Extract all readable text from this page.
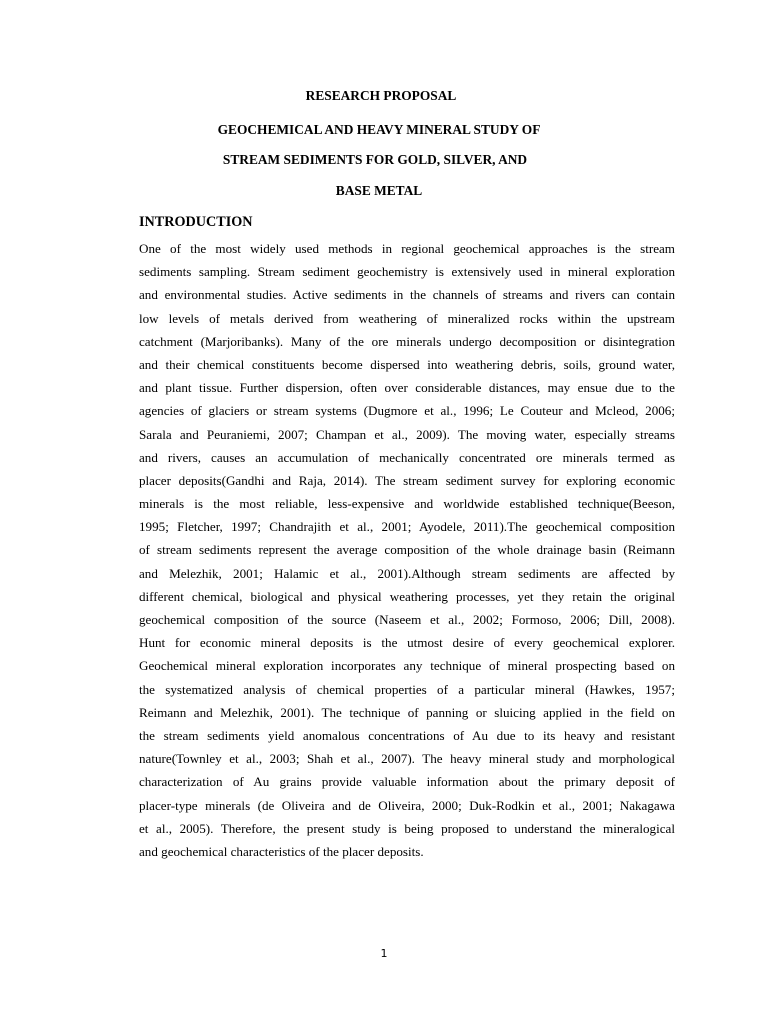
RESEARCH PROPOSAL
GEOCHEMICAL AND HEAVY MINERAL STUDY OF
STREAM SEDIMENTS FOR GOLD, SILVER, AND
BASE METAL
INTRODUCTION
One of the most widely used methods in regional geochemical approaches is the stream
sediments sampling. Stream sediment geochemistry is extensively used in mineral exploration
and environmental studies. Active sediments in the channels of streams and rivers can contain
low levels of metals derived from weathering of mineralized rocks within the upstream
catchment (Marjoribanks). Many of the ore minerals undergo decomposition or disintegration
and their chemical constituents become dispersed into weathering debris, soils, ground water,
and plant tissue. Further dispersion, often over considerable distances, may ensue due to the
agencies of glaciers or stream systems (Dugmore et al., 1996; Le Couteur and Mcleod, 2006;
Sarala and Peuraniemi, 2007; Champan et al., 2009). The moving water, especially streams
and rivers, causes an accumulation of mechanically concentrated ore minerals termed as
placer deposits(Gandhi and Raja, 2014). The stream sediment survey for exploring economic
minerals is the most reliable, less-expensive and worldwide established technique(Beeson,
1995; Fletcher, 1997; Chandrajith et al., 2001; Ayodele, 2011).The geochemical composition
of stream sediments represent the average composition of the whole drainage basin (Reimann
and Melezhik, 2001; Halamic et al., 2001).Although stream sediments are affected by
different chemical, biological and physical weathering processes, yet they retain the original
geochemical composition of the source (Naseem et al., 2002; Formoso, 2006; Dill, 2008).
Hunt for economic mineral deposits is the utmost desire of every geochemical explorer.
Geochemical mineral exploration incorporates any technique of mineral prospecting based on
the systematized analysis of chemical properties of a particular mineral (Hawkes, 1957;
Reimann and Melezhik, 2001). The technique of panning or sluicing applied in the field on
the stream sediments yield anomalous concentrations of Au due to its heavy and resistant
nature(Townley et al., 2003; Shah et al., 2007). The heavy mineral study and morphological
characterization of Au grains provide valuable information about the primary deposit of
placer-type minerals (de Oliveira and de Oliveira, 2000; Duk-Rodkin et al., 2001; Nakagawa
et al., 2005). Therefore, the present study is being proposed to understand the mineralogical
and geochemical characteristics of the placer deposits.
1
